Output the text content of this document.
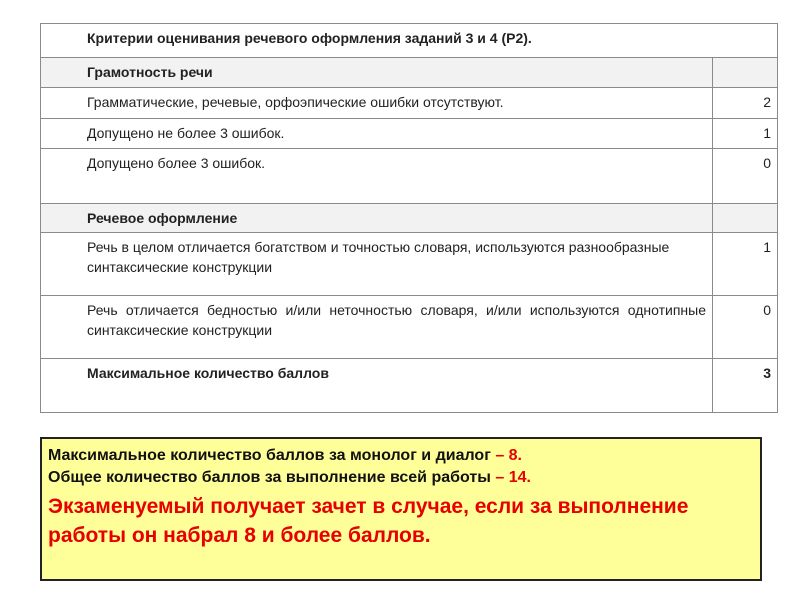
Критерии оценивания речевого оформления заданий 3 и 4 (Р2).	
Грамотность речи	
Грамматические, речевые, орфоэпические ошибки отсутствуют.	2
Допущено не более 3 ошибок.	1
Допущено более 3 ошибок.	0
Речевое оформление	
Речь в целом отличается богатством и точностью словаря, используются разнообразные синтаксические конструкции	1
Речь отличается бедностью и/или неточностью словаря, и/или используются однотипные синтаксические конструкции	0
Максимальное количество баллов	3
Максимальное количество баллов за монолог и диалог – 8.
Общее количество баллов за выполнение всей работы – 14.
Экзаменуемый получает зачет в случае, если за выполнение работы он набрал 8 и более баллов.
